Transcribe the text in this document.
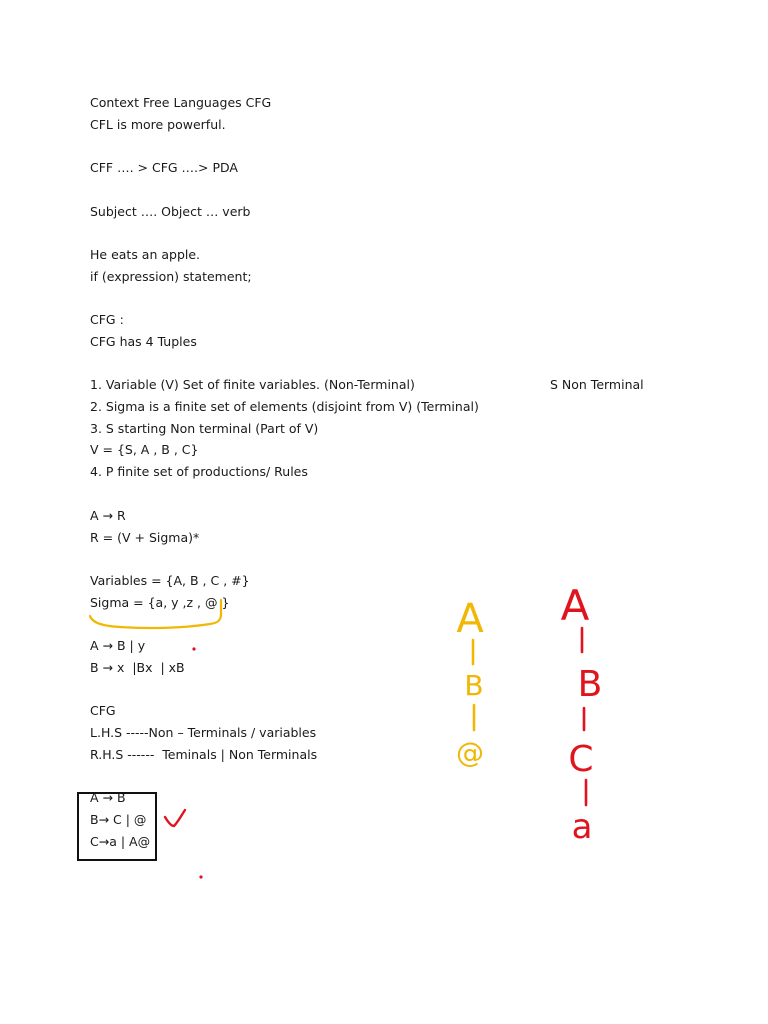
Context Free Languages CFG
CFL is more powerful.
CFF …. > CFG ….> PDA
Subject …. Object … verb
He eats an apple.
if (expression) statement;
CFG :
CFG has 4 Tuples
1. Variable (V) Set of finite variables. (Non-Terminal)	S Non Terminal
2. Sigma is a finite set of elements (disjoint from V) (Terminal)
3. S starting Non terminal (Part of V)
V = {S, A , B , C}
4. P finite set of productions/ Rules
A → R
R = (V + Sigma)*
Variables = {A, B , C , #}
Sigma = {a, y ,z , @ }
A → B | y
B → x  |Bx  | xB
CFG
L.H.S -----Non – Terminals / variables
R.H.S ------  Teminals | Non Terminals
A → B
B→ C | @
C→a | A@
A
B
@
A
B
C
a
